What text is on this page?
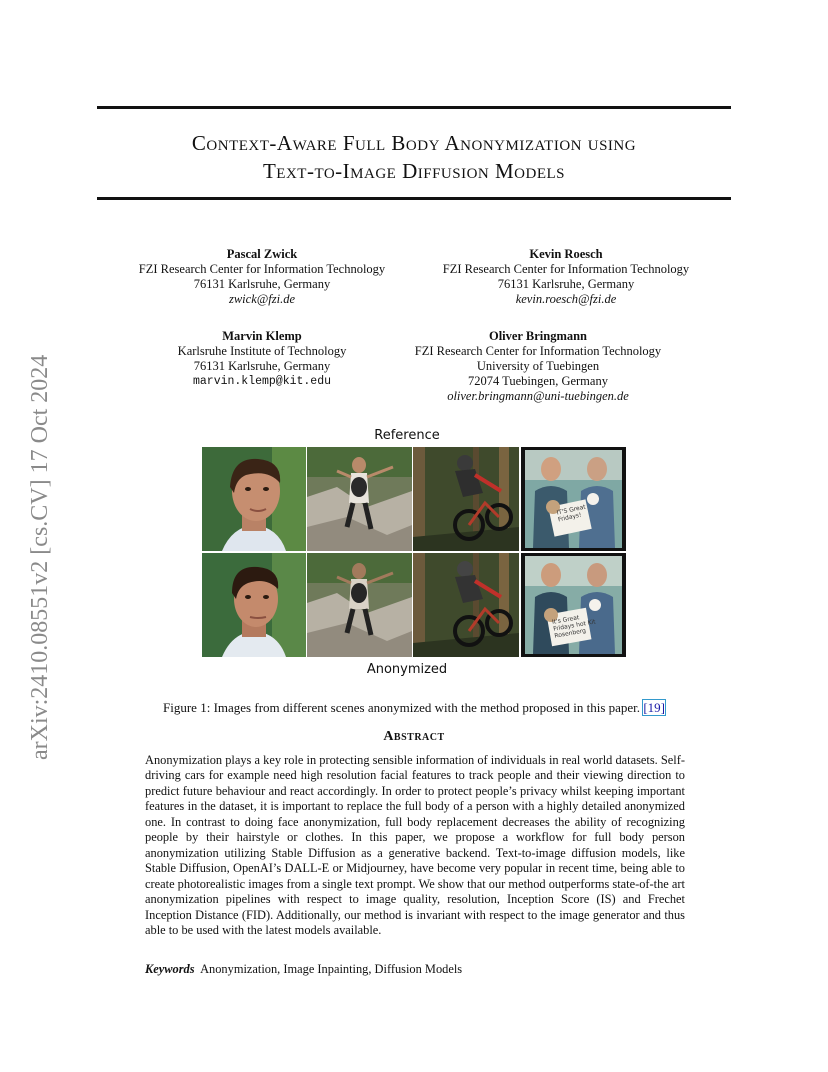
arXiv:2410.08551v2 [cs.CV] 17 Oct 2024
Context-Aware Full Body Anonymization using
Text-to-Image Diffusion Models
Pascal Zwick
FZI Research Center for Information Technology
76131 Karlsruhe, Germany
zwick@fzi.de
Kevin Roesch
FZI Research Center for Information Technology
76131 Karlsruhe, Germany
kevin.roesch@fzi.de
Marvin Klemp
Karlsruhe Institute of Technology
76131 Karlsruhe, Germany
marvin.klemp@kit.edu
Oliver Bringmann
FZI Research Center for Information Technology
University of Tuebingen
72074 Tuebingen, Germany
oliver.bringmann@uni-tuebingen.de
Reference
IT'S Great Fridays!
It's Great Fridays hot Kit Rosenberg
Anonymized
Figure 1: Images from different scenes anonymized with the method proposed in this paper. [19]
Abstract
Anonymization plays a key role in protecting sensible information of individuals in real world datasets. Self-driving cars for example need high resolution facial features to track people and their viewing direction to predict future behaviour and react accordingly. In order to protect people’s privacy whilst keeping important features in the dataset, it is important to replace the full body of a person with a highly detailed anonymized one. In contrast to doing face anonymization, full body replacement decreases the ability of recognizing people by their hairstyle or clothes. In this paper, we propose a workflow for full body person anonymization utilizing Stable Diffusion as a generative backend. Text-to-image diffusion models, like Stable Diffusion, OpenAI’s DALL-E or Midjourney, have become very popular in recent time, being able to create photorealistic images from a single text prompt. We show that our method outperforms state-of-the art anonymization pipelines with respect to image quality, resolution, Inception Score (IS) and Frechet Inception Distance (FID). Additionally, our method is invariant with respect to the image generator and thus able to be used with the latest models available.
Keywords Anonymization, Image Inpainting, Diffusion Models
